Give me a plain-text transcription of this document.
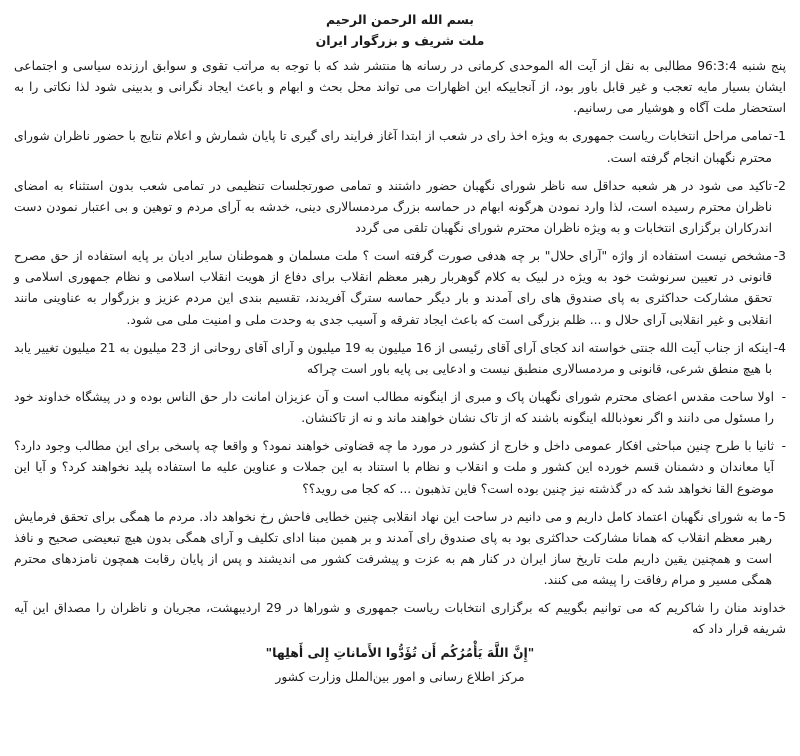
بسم الله الرحمن الرحيم
ملت شریف و بزرگوار ایران

پنج شنبه 96:3:4 مطالبی به نقل از آیت اله الموحدی کرمانی در رسانه ها منتشر شد که با توجه به مراتب تقوی و سوابق ارزنده سیاسی و اجتماعی ایشان بسیار مایه تعجب و غیر قابل باور بود، از آنجاییکه این اظهارات می تواند محل بحث و ابهام و باعث ایجاد نگرانی و بدبینی شود لذا نکاتی را به استحضار ملت آگاه و هوشیار می رسانیم.

1-
تمامی مراحل انتخابات ریاست جمهوری به ویژه اخذ رای در شعب از ابتدا آغاز فرایند رای گیری تا پایان شمارش و اعلام نتایج با حضور ناظران شورای محترم نگهبان انجام گرفته است.
2-
تاکید می شود در هر شعبه حداقل سه ناظر شورای نگهبان حضور داشتند و تمامی صورتجلسات تنظیمی در تمامی شعب بدون استثناء به امضای ناظران محترم رسیده است، لذا وارد نمودن هرگونه ابهام در حماسه بزرگ مردمسالاری دینی، خدشه به آرای مردم و توهین و بی اعتبار نمودن دست اندرکاران برگزاری انتخابات و به ویژه ناظران محترم شورای نگهبان تلقی می گردد
3-
مشخص نیست استفاده از واژه "آرای حلال" بر چه هدفی صورت گرفته است ؟ ملت مسلمان و هموطنان سایر ادیان بر پایه استفاده از حق مصرح قانونی در تعیین سرنوشت خود به ویژه در لبیک به کلام گوهربار رهبر معظم انقلاب برای دفاع از هویت انقلاب اسلامی و نظام جمهوری اسلامی و تحقق مشارکت حداکثری به پای صندوق های رای آمدند و بار دیگر حماسه سترگ آفریدند، تقسیم بندی این مردم عزیز و بزرگوار به عناوینی مانند انقلابی و غیر انقلابی آرای حلال و ... ظلم بزرگی است که باعث ایجاد تفرقه و آسیب جدی به وحدت ملی و امنیت ملی می شود.
4-
اینکه از جناب آیت الله جنتی خواسته اند کجای آرای آقای رئیسی از 16 میلیون به 19 میلیون و آرای آقای روحانی از 23 میلیون به 21 میلیون تغییر یابد با هیچ منطق شرعی، قانونی و مردمسالاری منطبق نیست و ادعایی بی پایه باور است چراکه
-
اولا ساحت مقدس اعضای محترم شورای نگهبان پاک و مبری از اینگونه مطالب است و آن عزیزان امانت دار حق الناس بوده و در پیشگاه خداوند خود را مسئول می دانند و اگر نعوذبالله اینگونه باشند که از تاک نشان خواهند ماند و نه از تاکنشان.
-
ثانیا با طرح چنین مباحثی افکار عمومی داخل و خارج از کشور در مورد ما چه قضاوتی خواهند نمود؟ و واقعا چه پاسخی برای این مطالب وجود دارد؟ آیا معاندان و دشمنان قسم خورده این کشور و ملت و انقلاب و نظام با استناد به این جملات و عناوین علیه ما استفاده پلید نخواهند کرد؟ و آیا این موضوع القا نخواهد شد که در گذشته نیز چنین بوده است؟ فاین تذهبون ... که کجا می روید؟؟
5-
ما به شورای نگهبان اعتماد کامل داریم و می دانیم در ساحت این نهاد انقلابی چنین خطایی فاحش رخ نخواهد داد. مردم ما همگی برای تحقق فرمایش رهبر معظم انقلاب که همانا مشارکت حداکثری بود به پای صندوق رای آمدند و بر همین مبنا ادای تکلیف و آرای همگی بدون هیچ تبعیضی صحیح و نافذ است و همچنین یقین داریم ملت تاریخ ساز ایران در کنار هم به عزت و پیشرفت کشور می اندیشند و پس از پایان رقابت همچون نامزدهای محترم همگی مسیر و مرام رفاقت را پیشه می کنند.

خداوند منان را شاکریم که می توانیم بگوییم که برگزاری انتخابات ریاست جمهوری و شوراها در 29 اردیبهشت، مجریان و ناظران را مصداق این آیه شریفه قرار داد که

"إِنَّ اللَّهَ يَأْمُرُكُم أَن تُؤَدُّوا الأَماناتِ إِلى أَهلِها"
مرکز اطلاع رسانی و امور بین‌الملل وزارت کشور
